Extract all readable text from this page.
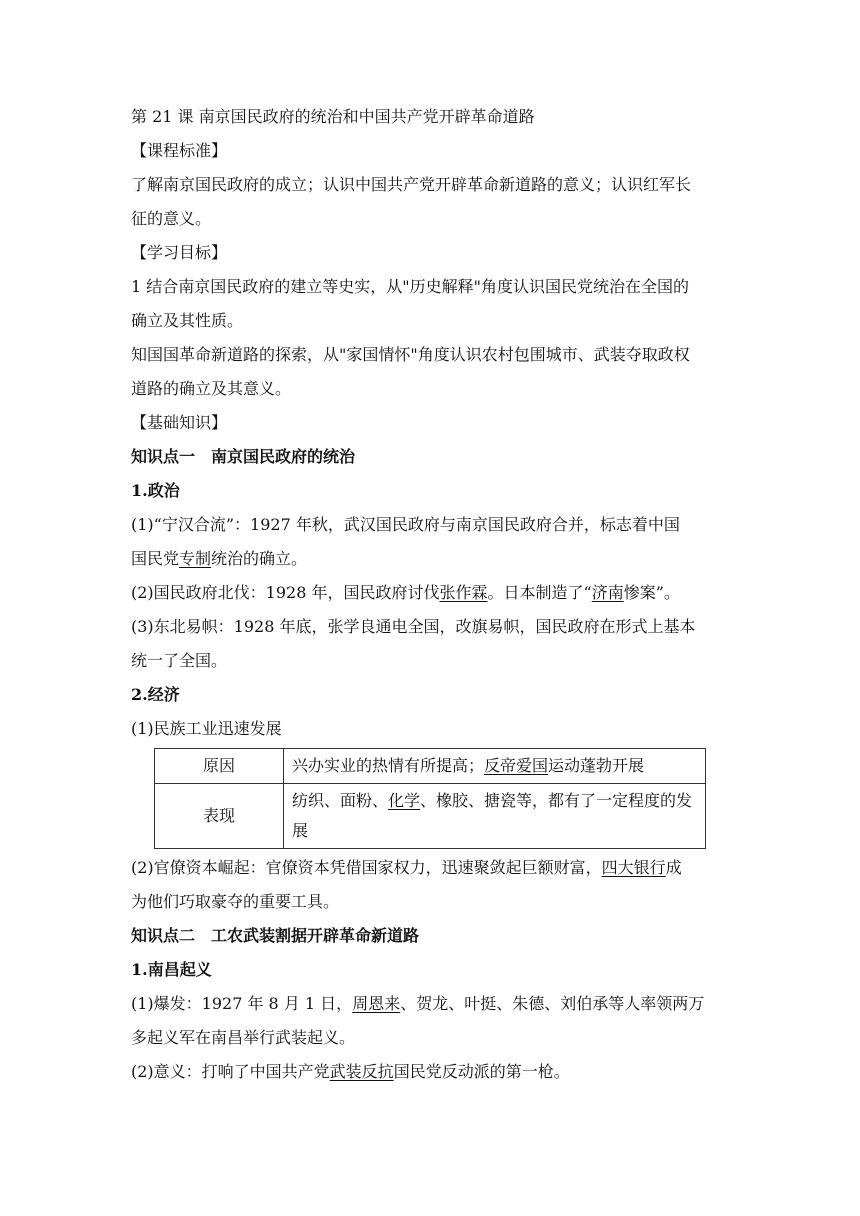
第 21 课 南京国民政府的统治和中国共产党开辟革命道路
【课程标准】
了解南京国民政府的成立；认识中国共产党开辟革命新道路的意义；认识红军长
征的意义。
【学习目标】
1 结合南京国民政府的建立等史实，从"历史解释"角度认识国民党统治在全国的
确立及其性质。
知国国革命新道路的探索，从"家国情怀"角度认识农村包围城市、武装夺取政权
道路的确立及其意义。
【基础知识】
知识点一　南京国民政府的统治
1.政治
(1)“宁汉合流”：1927 年秋，武汉国民政府与南京国民政府合并，标志着中国
国民党专制统治的确立。
(2)国民政府北伐：1928 年，国民政府讨伐张作霖。日本制造了“济南惨案”。
(3)东北易帜：1928 年底，张学良通电全国，改旗易帜，国民政府在形式上基本
统一了全国。
2.经济
(1)民族工业迅速发展
原因	兴办实业的热情有所提高；反帝爱国运动蓬勃开展
表现	纺织、面粉、化学、橡胶、搪瓷等，都有了一定程度的发展
(2)官僚资本崛起：官僚资本凭借国家权力，迅速聚敛起巨额财富，四大银行成
为他们巧取豪夺的重要工具。
知识点二　工农武装割据开辟革命新道路
1.南昌起义
(1)爆发：1927 年 8 月 1 日，周恩来、贺龙、叶挺、朱德、刘伯承等人率领两万
多起义军在南昌举行武装起义。
(2)意义：打响了中国共产党武装反抗国民党反动派的第一枪。
